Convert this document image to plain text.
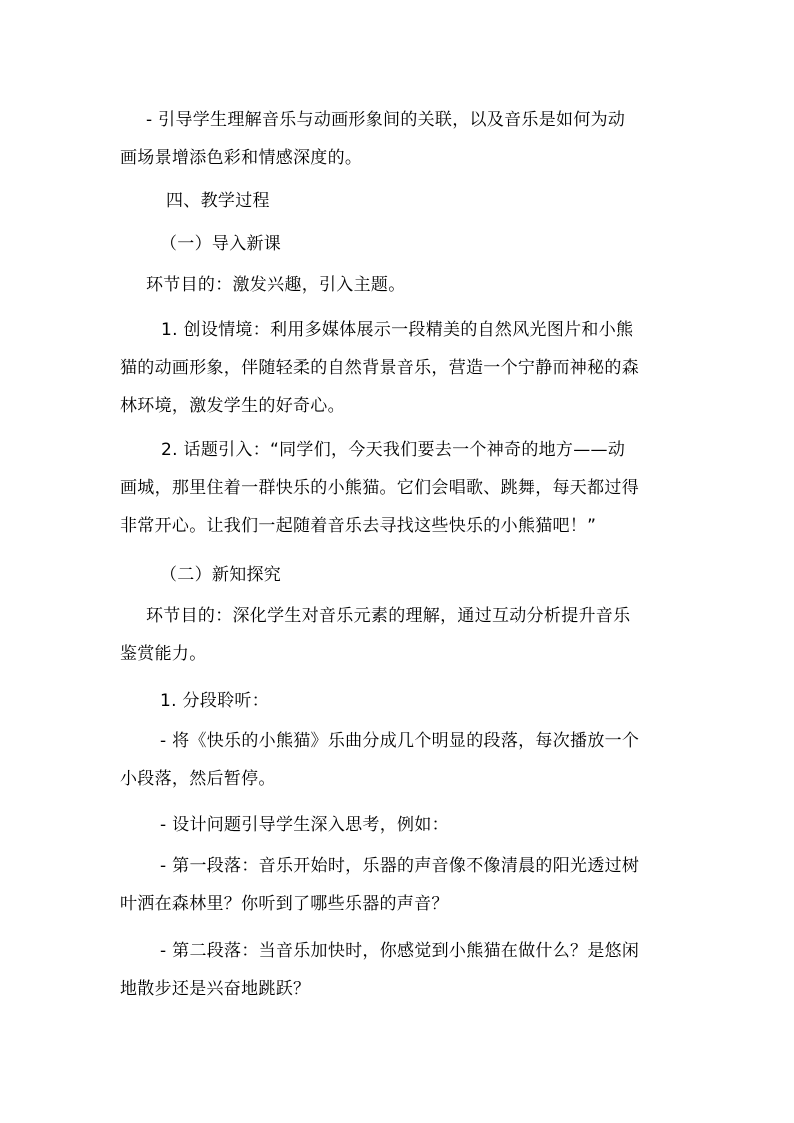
- 引导学生理解音乐与动画形象间的关联，以及音乐是如何为动
画场景增添色彩和情感深度的。
四、教学过程
（一）导入新课
环节目的：激发兴趣，引入主题。
1. 创设情境：利用多媒体展示一段精美的自然风光图片和小熊
猫的动画形象，伴随轻柔的自然背景音乐，营造一个宁静而神秘的森
林环境，激发学生的好奇心。
2. 话题引入：“同学们，今天我们要去一个神奇的地方——动
画城，那里住着一群快乐的小熊猫。它们会唱歌、跳舞，每天都过得
非常开心。让我们一起随着音乐去寻找这些快乐的小熊猫吧！”
（二）新知探究
环节目的：深化学生对音乐元素的理解，通过互动分析提升音乐
鉴赏能力。
1. 分段聆听：
- 将《快乐的小熊猫》乐曲分成几个明显的段落，每次播放一个
小段落，然后暂停。
- 设计问题引导学生深入思考，例如：
- 第一段落：音乐开始时，乐器的声音像不像清晨的阳光透过树
叶洒在森林里？你听到了哪些乐器的声音？
- 第二段落：当音乐加快时，你感觉到小熊猫在做什么？是悠闲
地散步还是兴奋地跳跃？
